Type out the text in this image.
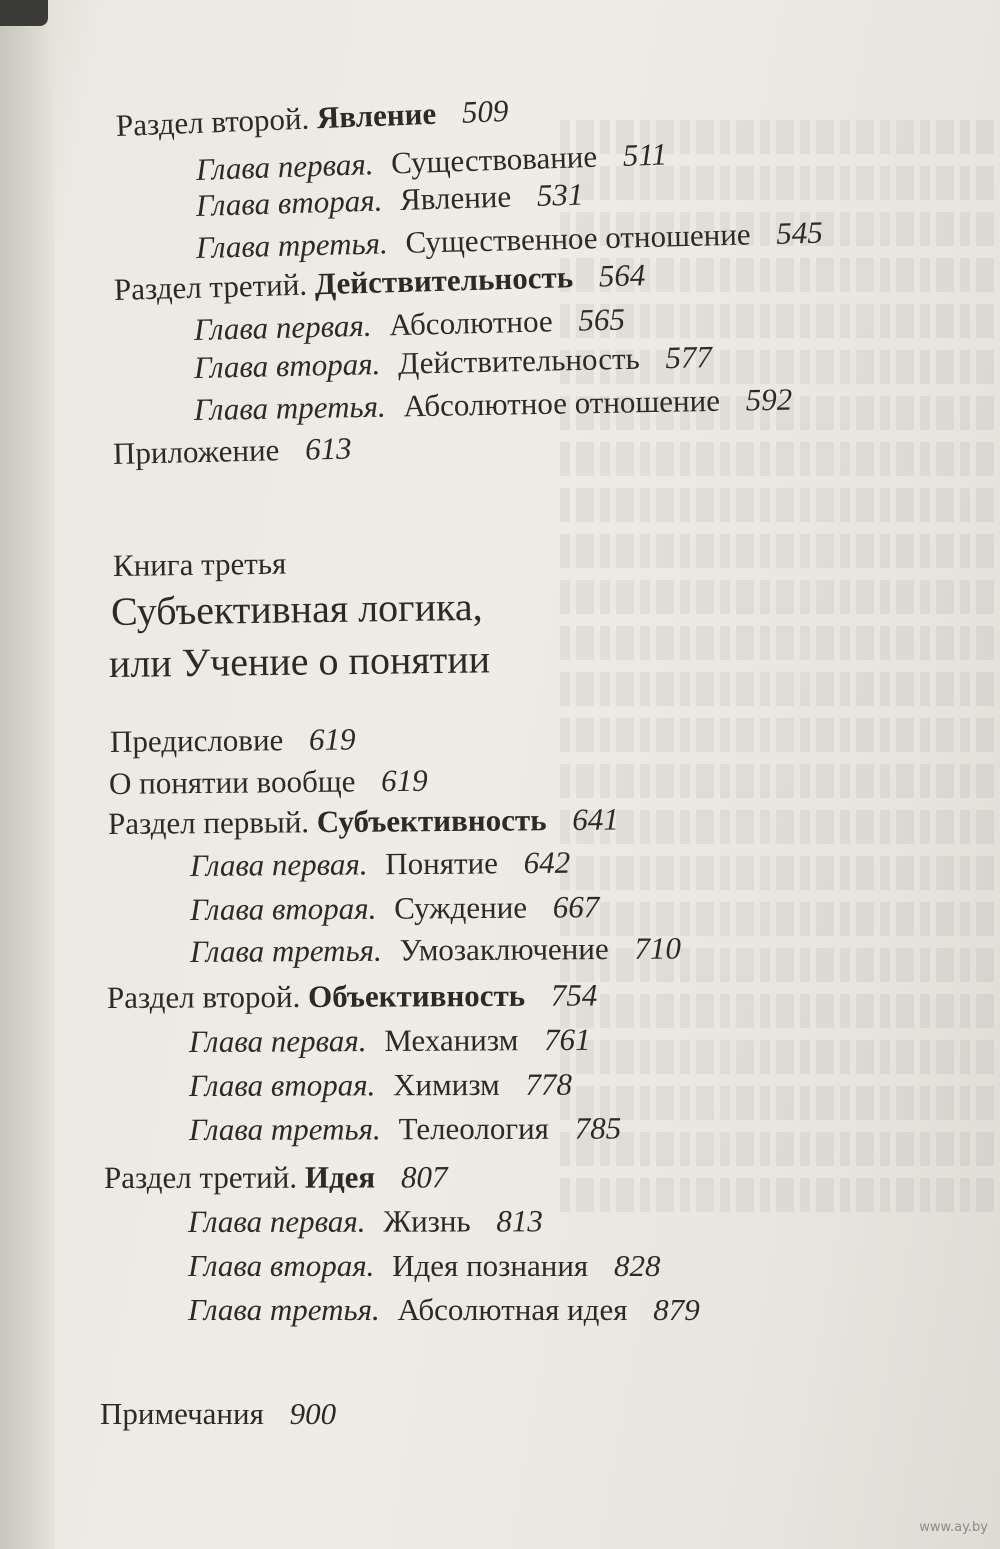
Раздел второй. Явление 509
Глава первая. Существование 511
Глава вторая. Явление 531
Глава третья. Существенное отношение 545
Раздел третий. Действительность 564
Глава первая. Абсолютное 565
Глава вторая. Действительность 577
Глава третья. Абсолютное отношение 592
Приложение 613
Книга третья
Субъективная логика,
или Учение о понятии
Предисловие 619
О понятии вообще 619
Раздел первый. Субъективность 641
Глава первая. Понятие 642
Глава вторая. Суждение 667
Глава третья. Умозаключение 710
Раздел второй. Объективность 754
Глава первая. Механизм 761
Глава вторая. Химизм 778
Глава третья. Телеология 785
Раздел третий. Идея 807
Глава первая. Жизнь 813
Глава вторая. Идея познания 828
Глава третья. Абсолютная идея 879
Примечания 900
www.ay.by
